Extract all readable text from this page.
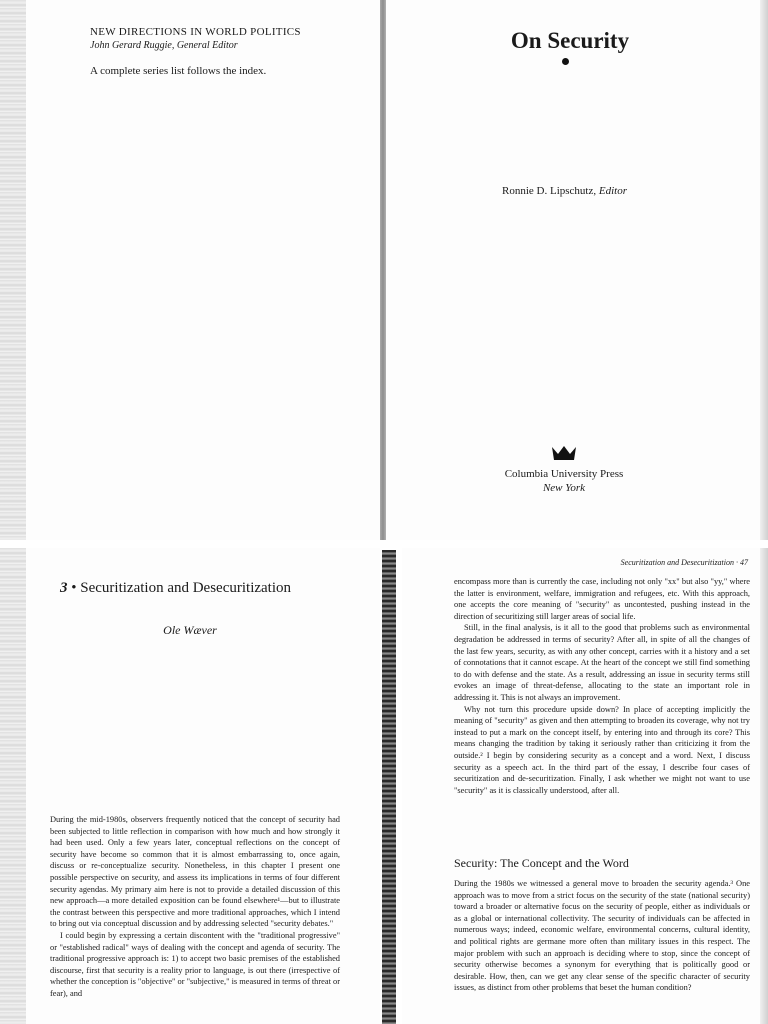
NEW DIRECTIONS IN WORLD POLITICS
John Gerard Ruggie, General Editor
A complete series list follows the index.
On Security
Ronnie D. Lipschutz, Editor
Columbia University Press
New York
3 • Securitization and Desecuritization
Ole Wæver

During the mid-1980s, observers frequently noticed that the concept of security had been subjected to little reflection in comparison with how much and how strongly it had been used. Only a few years later, conceptual reflections on the concept of security have become so common that it is almost embarrassing to, once again, discuss or re-conceptualize security. Nonetheless, in this chapter I present one possible perspective on security, and assess its implications in terms of four different security agendas. My primary aim here is not to provide a detailed discussion of this new approach—a more detailed exposition can be found elsewhere¹—but to illustrate the contrast between this perspective and more traditional approaches, which I intend to bring out via conceptual discussion and by addressing selected "security debates."

I could begin by expressing a certain discontent with the "traditional progressive" or "established radical" ways of dealing with the concept and agenda of security. The traditional progressive approach is: 1) to accept two basic premises of the established discourse, first that security is a reality prior to language, is out there (irrespective of whether the conception is "objective" or "subjective," is measured in terms of threat or fear), and

Securitization and Desecuritization · 47

encompass more than is currently the case, including not only "xx" but also "yy," where the latter is environment, welfare, immigration and refugees, etc. With this approach, one accepts the core meaning of "security" as uncontested, pushing instead in the direction of securitizing still larger areas of social life.

Still, in the final analysis, is it all to the good that problems such as environmental degradation be addressed in terms of security? After all, in spite of all the changes of the last few years, security, as with any other concept, carries with it a history and a set of connotations that it cannot escape. At the heart of the concept we still find something to do with defense and the state. As a result, addressing an issue in security terms still evokes an image of threat-defense, allocating to the state an important role in addressing it. This is not always an improvement.

Why not turn this procedure upside down? In place of accepting implicitly the meaning of "security" as given and then attempting to broaden its coverage, why not try instead to put a mark on the concept itself, by entering into and through its core? This means changing the tradition by taking it seriously rather than criticizing it from the outside.² I begin by considering security as a concept and a word. Next, I discuss security as a speech act. In the third part of the essay, I describe four cases of securitization and de-securitization. Finally, I ask whether we might not want to use "security" as it is classically understood, after all.

Security: The Concept and the Word

During the 1980s we witnessed a general move to broaden the security agenda.³ One approach was to move from a strict focus on the security of the state (national security) toward a broader or alternative focus on the security of people, either as individuals or as a global or international collectivity. The security of individuals can be affected in numerous ways; indeed, economic welfare, environmental concerns, cultural identity, and political rights are germane more often than military issues in this respect. The major problem with such an approach is deciding where to stop, since the concept of security otherwise becomes a synonym for everything that is politically good or desirable. How, then, can we get any clear sense of the specific character of security issues, as distinct from other problems that beset the human condition?
